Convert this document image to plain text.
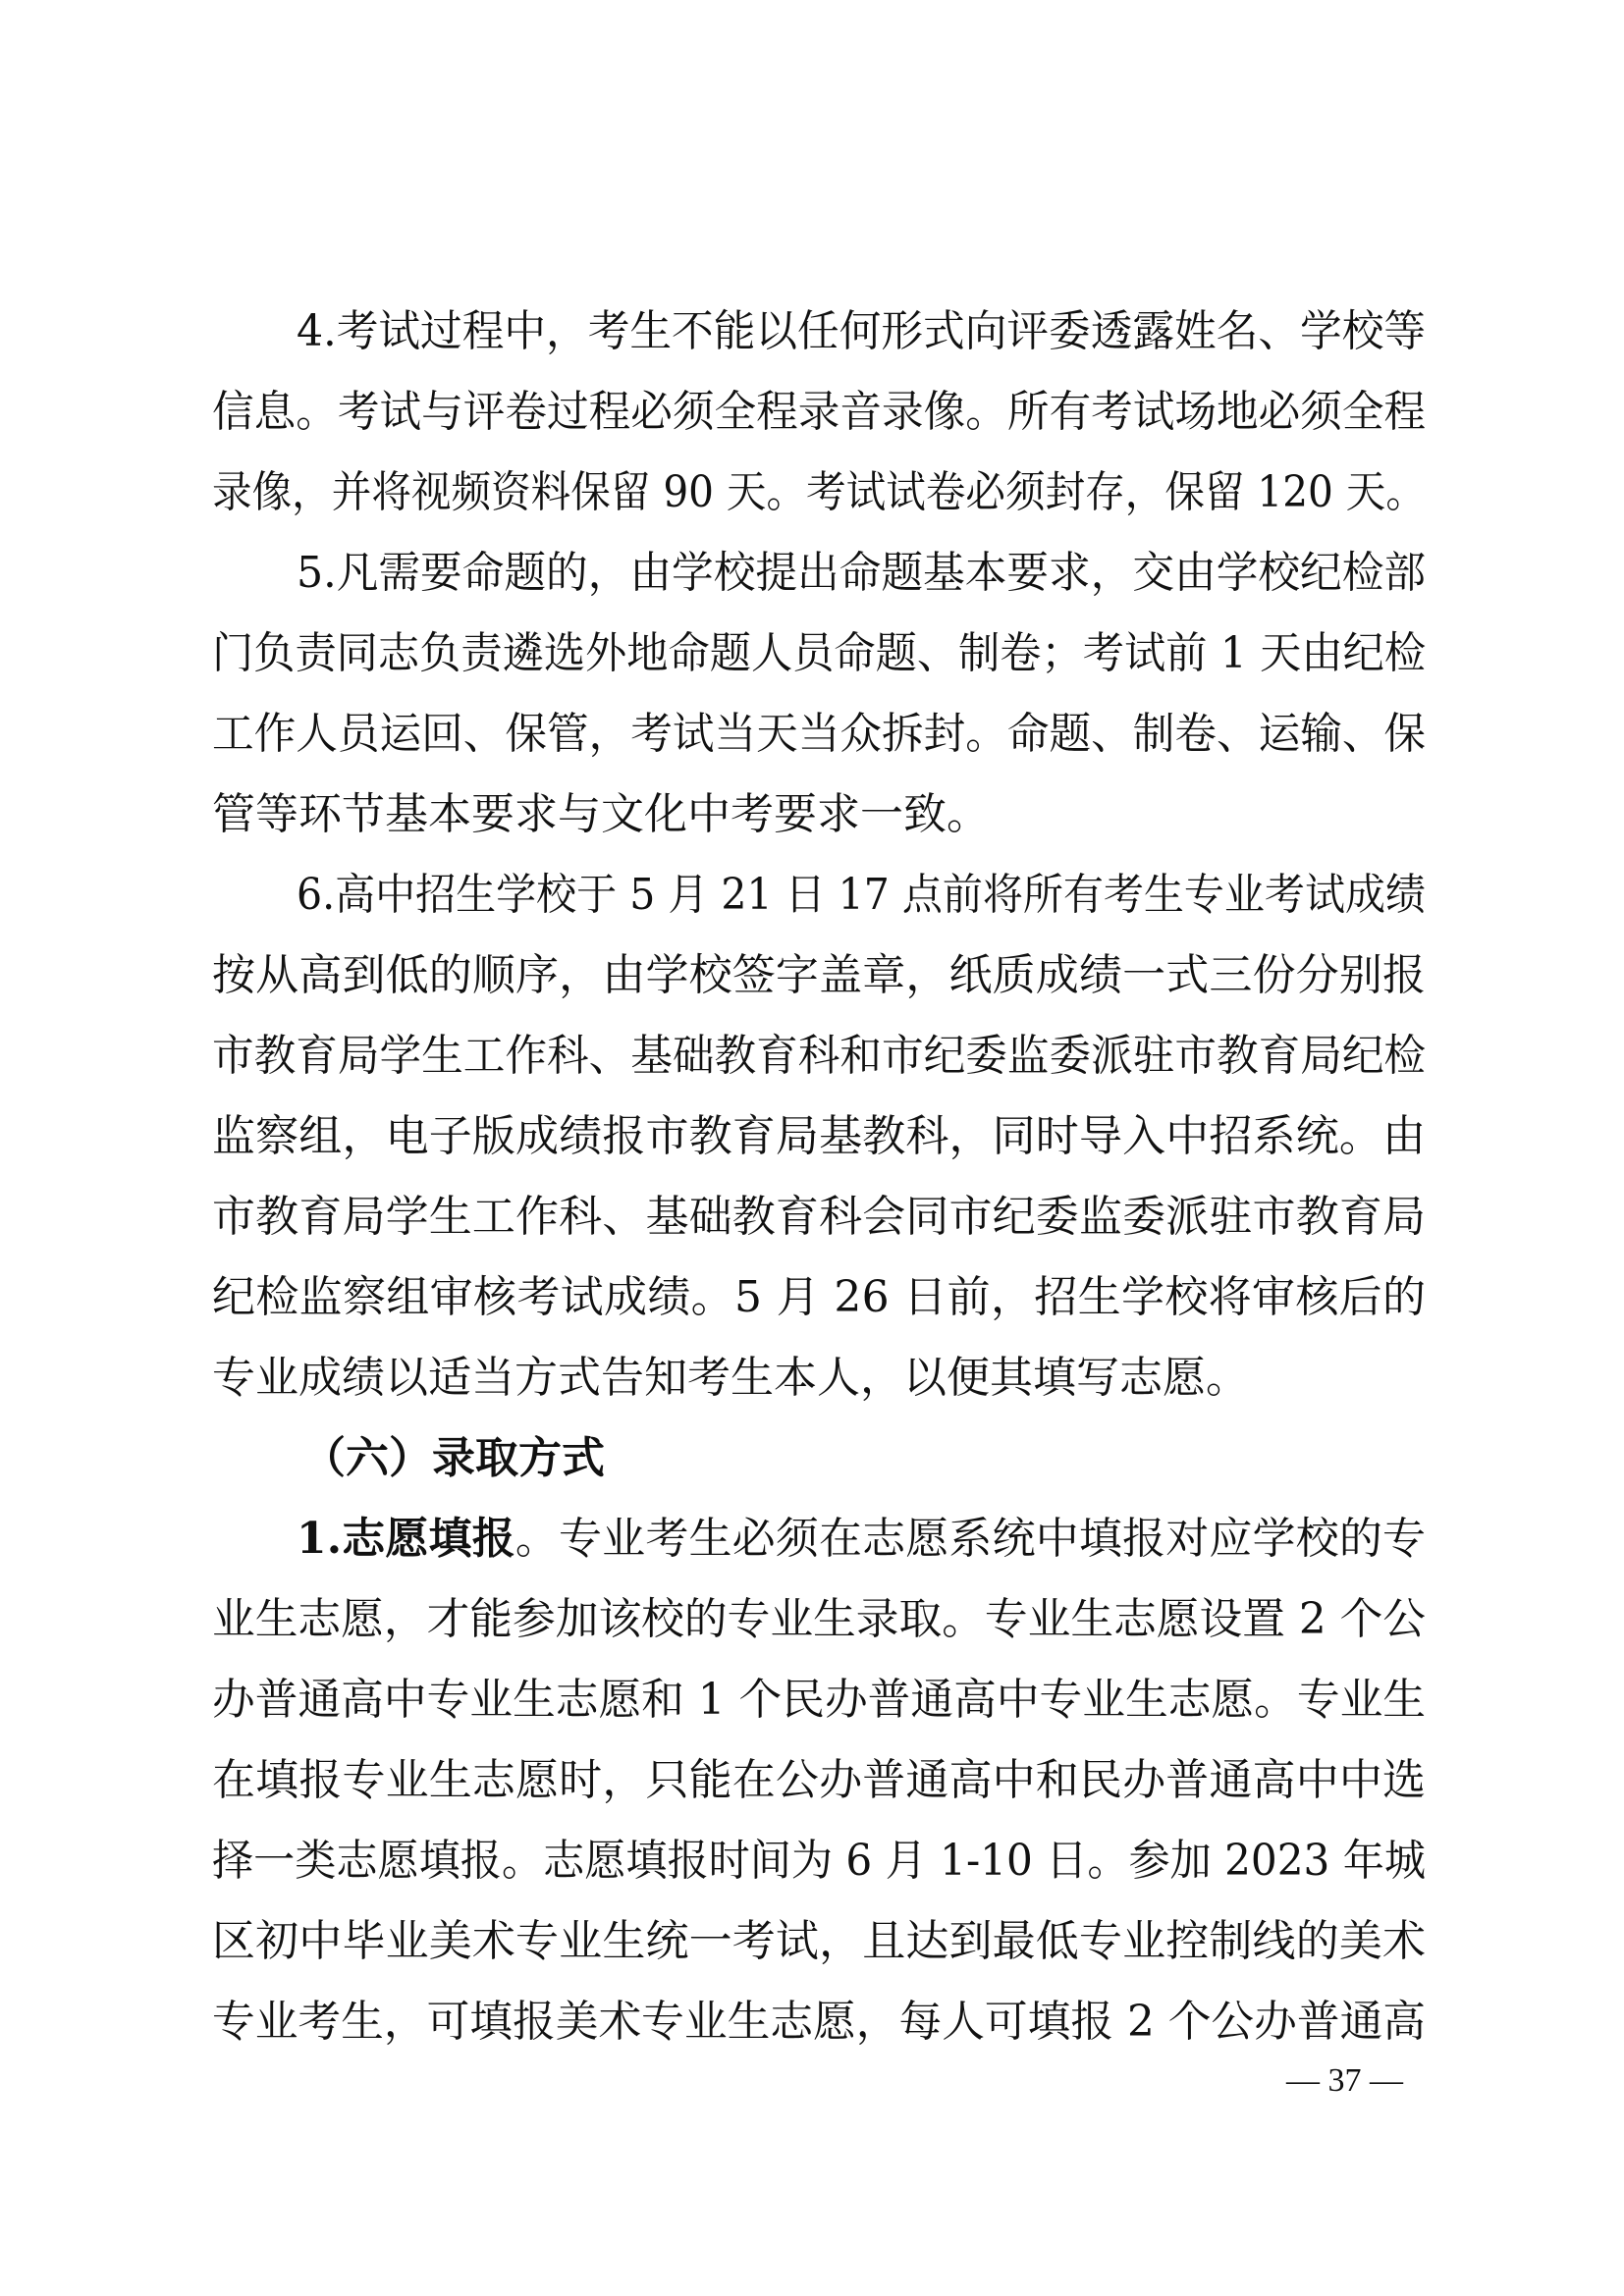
4.考试过程中，考生不能以任何形式向评委透露姓名、学校等
信息。考试与评卷过程必须全程录音录像。所有考试场地必须全程
录像，并将视频资料保留 90 天。考试试卷必须封存，保留 120 天。
5.凡需要命题的，由学校提出命题基本要求，交由学校纪检部
门负责同志负责遴选外地命题人员命题、制卷；考试前 1 天由纪检
工作人员运回、保管，考试当天当众拆封。命题、制卷、运输、保
管等环节基本要求与文化中考要求一致。
6.高中招生学校于 5 月 21 日 17 点前将所有考生专业考试成绩
按从高到低的顺序，由学校签字盖章，纸质成绩一式三份分别报
市教育局学生工作科、基础教育科和市纪委监委派驻市教育局纪检
监察组，电子版成绩报市教育局基教科，同时导入中招系统。由
市教育局学生工作科、基础教育科会同市纪委监委派驻市教育局
纪检监察组审核考试成绩。5 月 26 日前，招生学校将审核后的
专业成绩以适当方式告知考生本人，以便其填写志愿。
（六）录取方式
1.志愿填报。专业考生必须在志愿系统中填报对应学校的专
业生志愿，才能参加该校的专业生录取。专业生志愿设置 2 个公
办普通高中专业生志愿和 1 个民办普通高中专业生志愿。专业生
在填报专业生志愿时，只能在公办普通高中和民办普通高中中选
择一类志愿填报。志愿填报时间为 6 月 1-10 日。参加 2023 年城
区初中毕业美术专业生统一考试，且达到最低专业控制线的美术
专业考生，可填报美术专业生志愿，每人可填报 2 个公办普通高
— 37 —
